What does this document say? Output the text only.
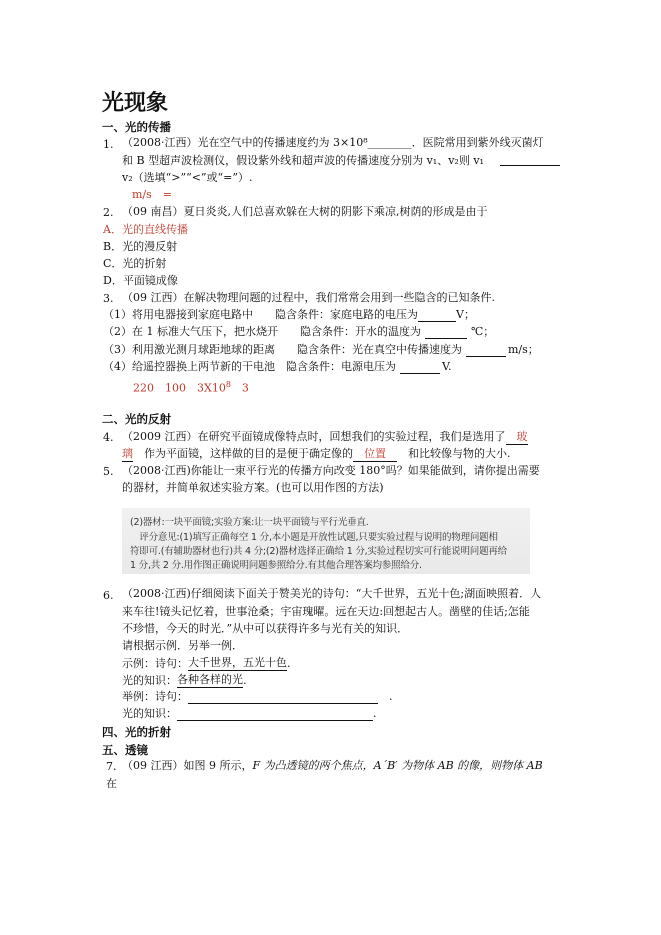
光现象
一、光的传播
1. （2008·江西）光在空气中的传播速度约为 3×10⁸________．医院常用到紫外线灭菌灯
和 B 型超声波检测仪，假设紫外线和超声波的传播速度分别为 v₁、v₂则 v₁
v₂（选填“>”“<”或“=”）.
m/s　=
2. （09 南昌）夏日炎炎,人们总喜欢躲在大树的阴影下乘凉,树荫的形成是由于
A．光的直线传播
B．光的漫反射
C．光的折射
D．平面镜成像
3. （09 江西）在解决物理问题的过程中，我们常常会用到一些隐含的已知条件.
（1）将用电器接到家庭电路中　　隐含条件：家庭电路的电压为	V；
（2）在 1 标准大气压下，把水烧开　　隐含条件：开水的温度为	℃；
（3）利用激光测月球距地球的距离　　隐含条件：光在真空中传播速度为	m/s；
（4）给遥控器换上两节新的干电池　隐含条件：电源电压为	V.
220　100　$3X10^8$　3
二、光的反射
4. （2009 江西）在研究平面镜成像特点时，回想我们的实验过程，我们是选用了　玻
璃　作为平面镜，这样做的目的是便于确定像的　位置　　和比较像与物的大小.
5. （2008·江西)你能让一束平行光的传播方向改变 180°吗？如果能做到，请你提出需要
的器材，并简单叙述实验方案。(也可以用作图的方法)
(2)器材:一块平面镜;实验方案:让一块平面镜与平行光垂直.
　评分意见:(1)填写正确每空 1 分,本小题是开放性试题,只要实验过程与说明的物理问题相
符即可.(有辅助器材也行)共 4 分;(2)器材选择正确给 1 分,实验过程切实可行能说明问题再给
1 分,共 2 分.用作图正确说明问题参照给分.有其他合理答案均参照给分.
6. （2008·江西)仔细阅读下面关于赞美光的诗句：“大千世界，五光十色;湖面映照着．人
来车往!镜头记忆着，世事沧桑；宇宙瑰曜。远在天边:回想起古人。凿壁的佳话;怎能
不珍惜，今天的时光．”从中可以获得许多与光有关的知识．
请根据示例．另举一例．
示例：诗句：大千世界，五光十色.
光的知识：各种各样的光.
举例：诗句：	　.
光的知识：	.
四、光的折射
五、透镜
7. （09 江西）如图 9 所示，F 为凸透镜的两个焦点，A´B′ 为物体 AB 的像，则物体 AB
在
